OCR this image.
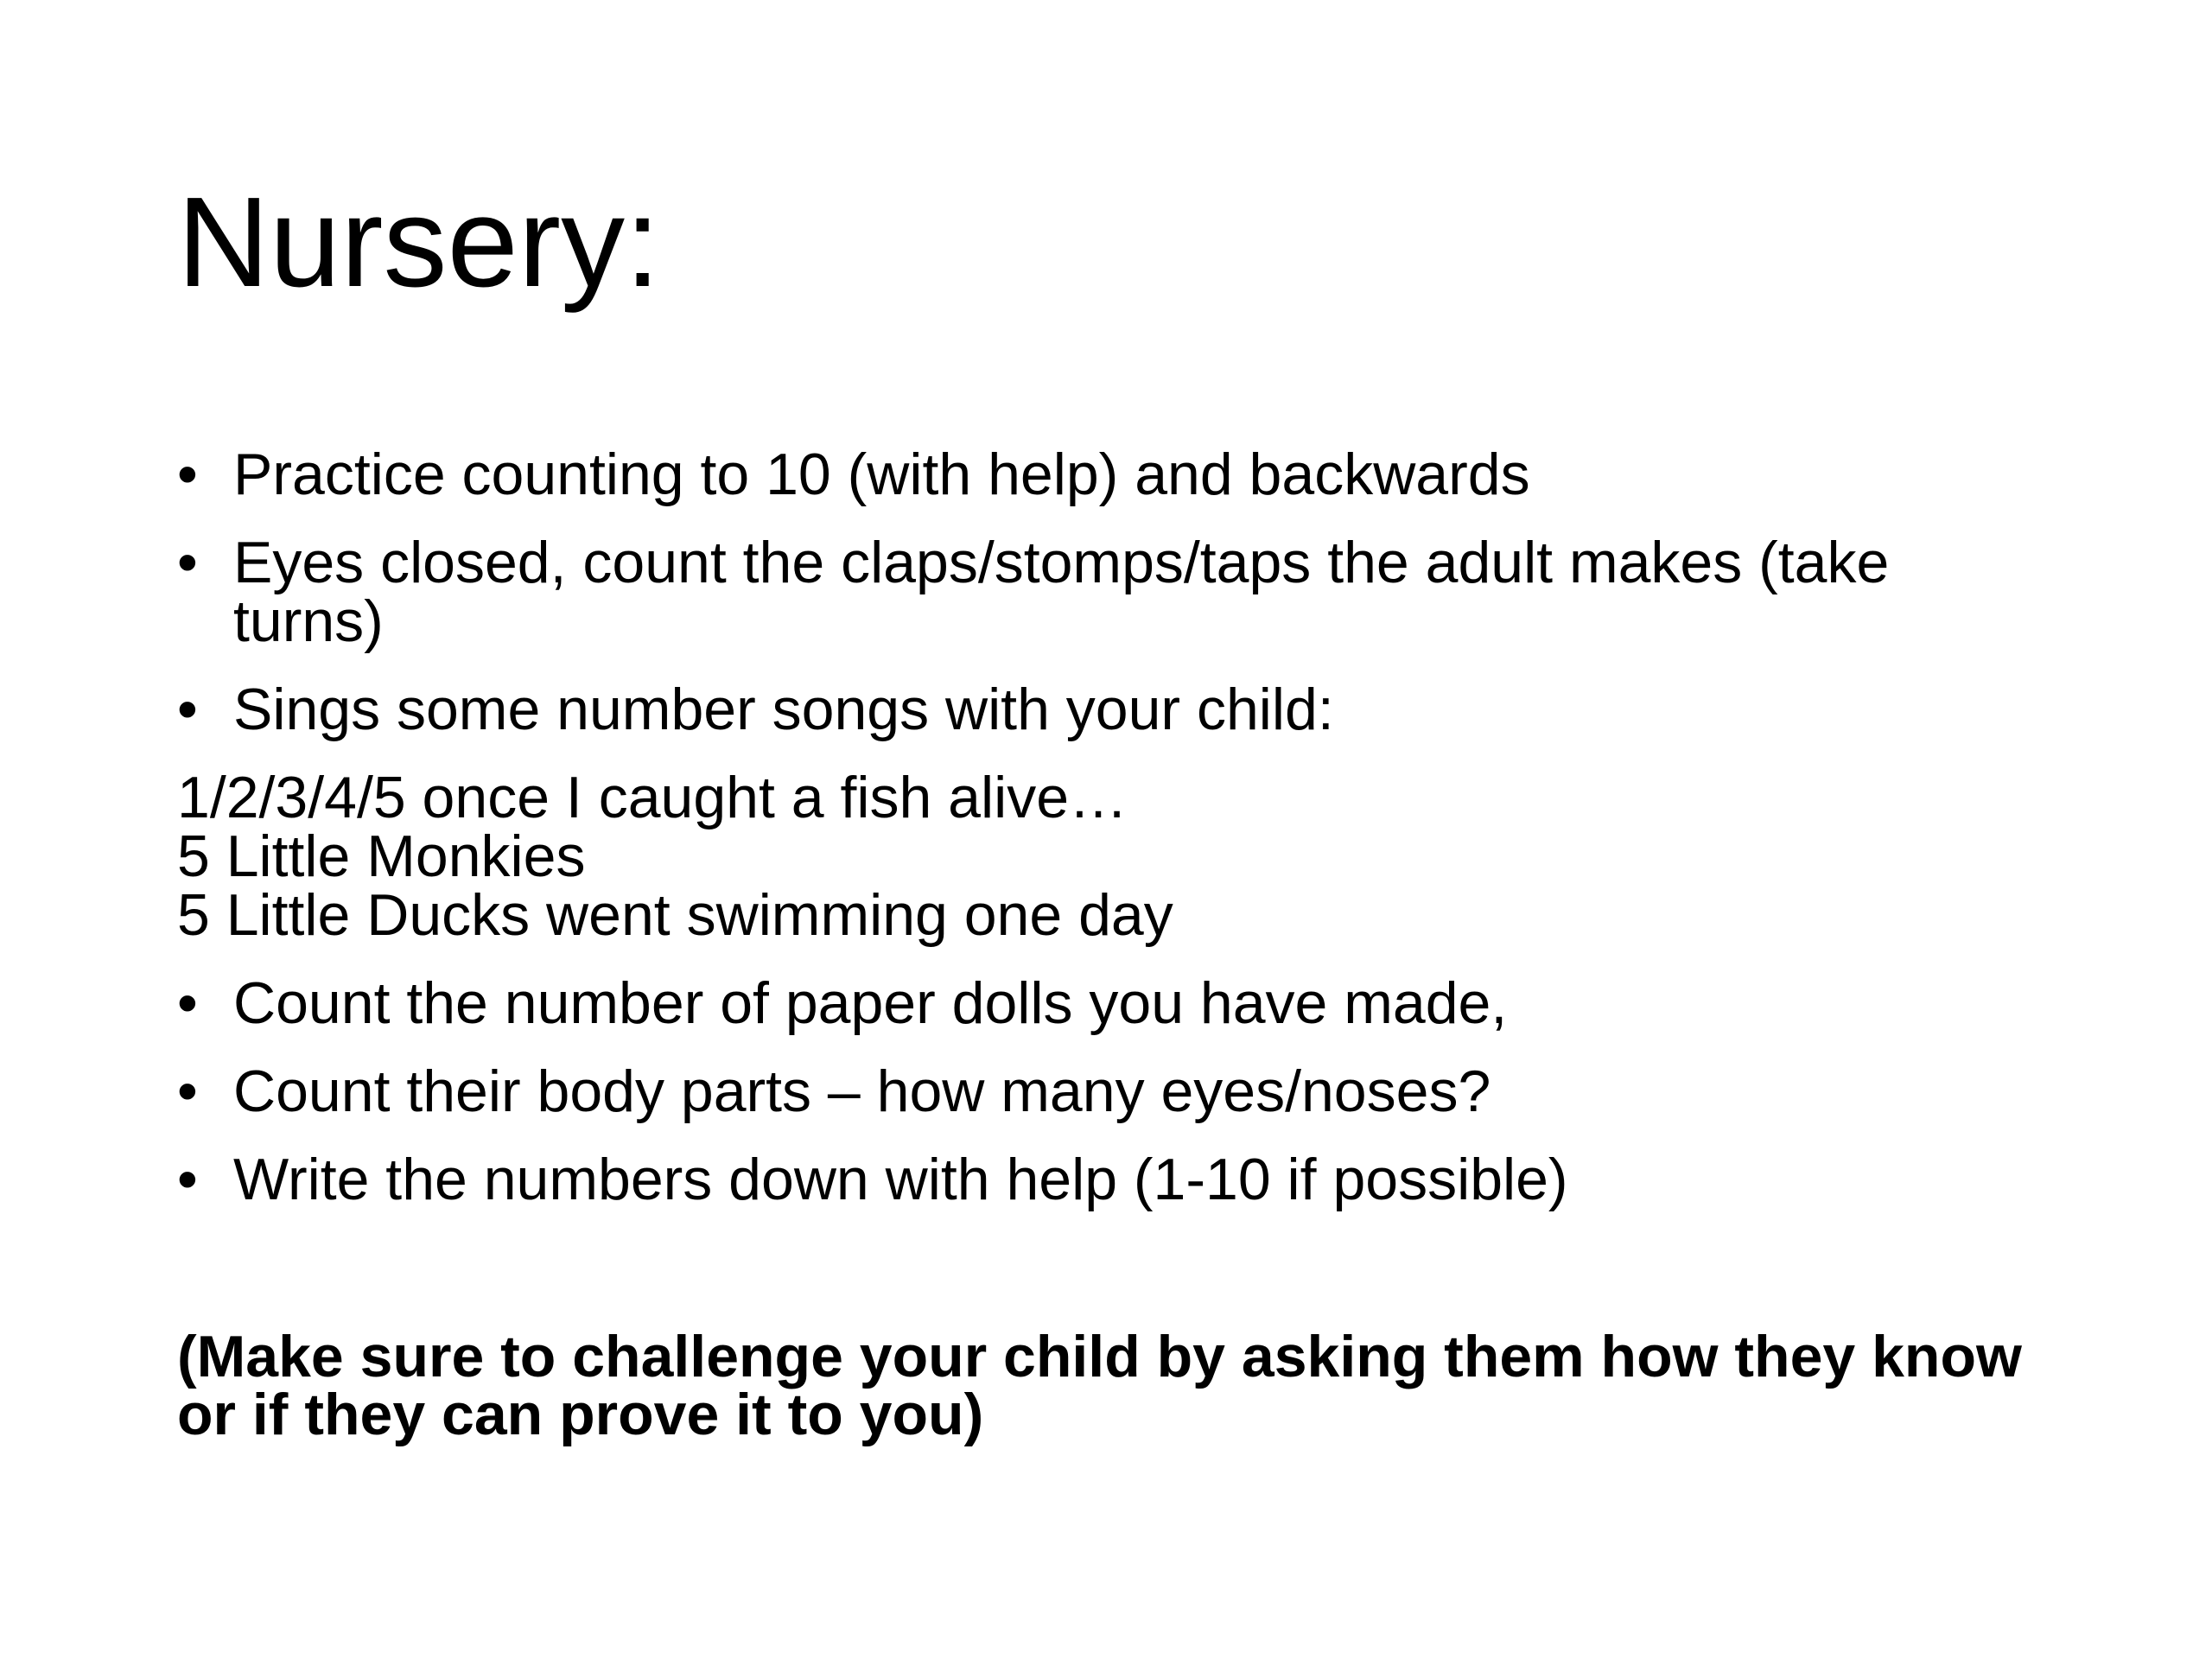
Nursery:
• Practice counting to 10 (with help) and backwards
• Eyes closed, count the claps/stomps/taps the adult makes (take
turns)
• Sings some number songs with your child:
1/2/3/4/5 once I caught a fish alive…
5 Little Monkies
5 Little Ducks went swimming one day
• Count the number of paper dolls you have made,
• Count their body parts – how many eyes/noses?
• Write the numbers down with help (1-10 if possible)
(Make sure to challenge your child by asking them how they know
or if they can prove it to you)
